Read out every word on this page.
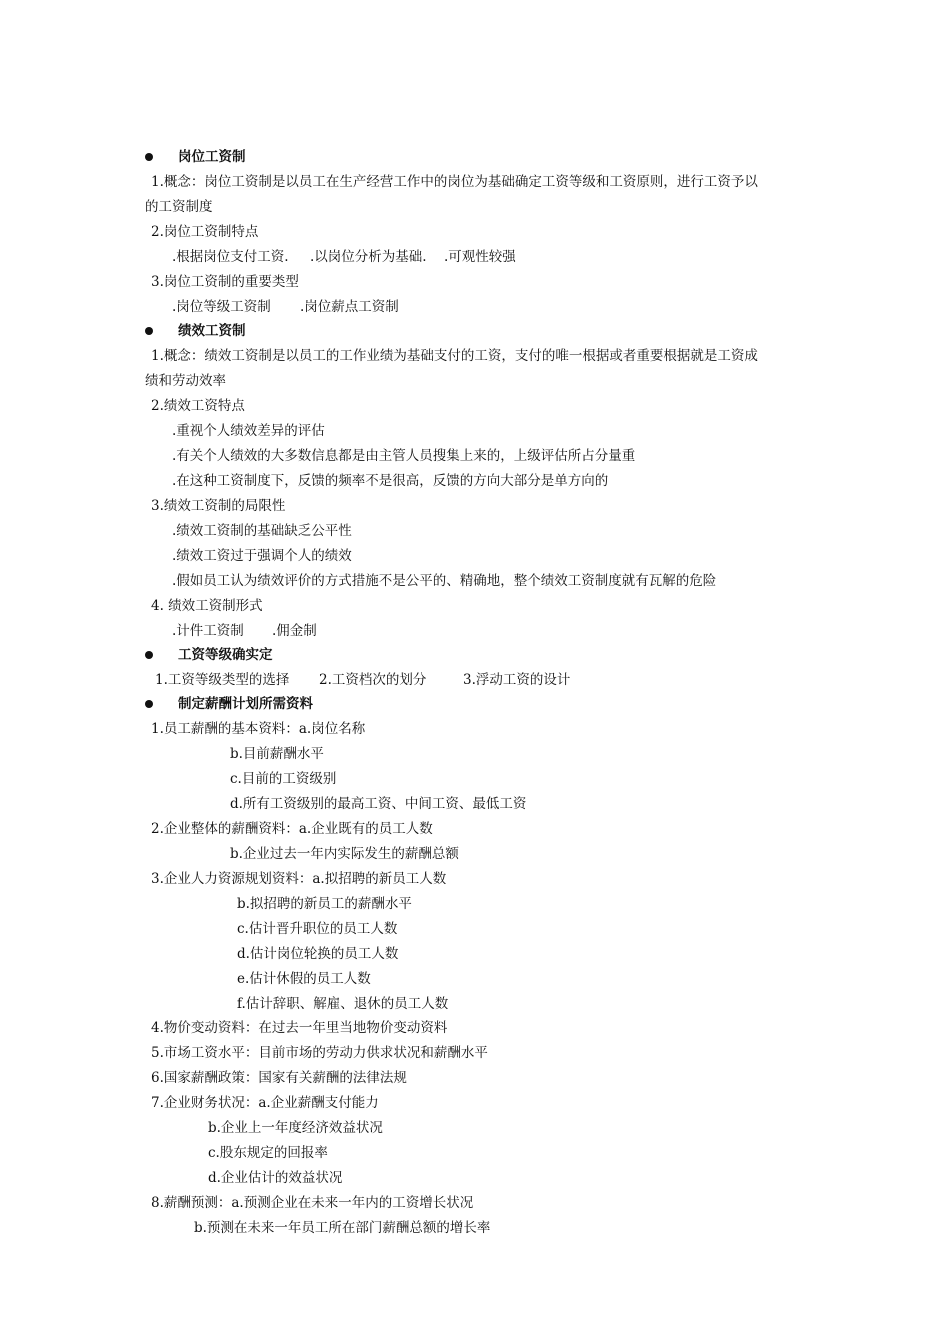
岗位工资制
1.概念：岗位工资制是以员工在生产经营工作中的岗位为基础确定工资等级和工资原则，进行工资予以
的工资制度
2.岗位工资制特点
.根据岗位支付工资. .以岗位分析为基础. .可观性较强
3.岗位工资制的重要类型
.岗位等级工资制 .岗位薪点工资制
绩效工资制
1.概念：绩效工资制是以员工的工作业绩为基础支付的工资，支付的唯一根据或者重要根据就是工资成
绩和劳动效率
2.绩效工资特点
.重视个人绩效差异的评估
.有关个人绩效的大多数信息都是由主管人员搜集上来的，上级评估所占分量重
.在这种工资制度下，反馈的频率不是很高，反馈的方向大部分是单方向的
3.绩效工资制的局限性
.绩效工资制的基础缺乏公平性
.绩效工资过于强调个人的绩效
.假如员工认为绩效评价的方式措施不是公平的、精确地，整个绩效工资制度就有瓦解的危险
4. 绩效工资制形式
.计件工资制 .佣金制
工资等级确实定
1.工资等级类型的选择 2.工资档次的划分	3.浮动工资的设计
制定薪酬计划所需资料
1.员工薪酬的基本资料：a.岗位名称
b.目前薪酬水平
c.目前的工资级别
d.所有工资级别的最高工资、中间工资、最低工资
2.企业整体的薪酬资料：a.企业既有的员工人数
b.企业过去一年内实际发生的薪酬总额
3.企业人力资源规划资料：a.拟招聘的新员工人数
b.拟招聘的新员工的薪酬水平
c.估计晋升职位的员工人数
d.估计岗位轮换的员工人数
e.估计休假的员工人数
f.估计辞职、解雇、退休的员工人数
4.物价变动资料：在过去一年里当地物价变动资料
5.市场工资水平：目前市场的劳动力供求状况和薪酬水平
6.国家薪酬政策：国家有关薪酬的法律法规
7.企业财务状况：a.企业薪酬支付能力
b.企业上一年度经济效益状况
c.股东规定的回报率
d.企业估计的效益状况
8.薪酬预测：a.预测企业在未来一年内的工资增长状况
b.预测在未来一年员工所在部门薪酬总额的增长率
